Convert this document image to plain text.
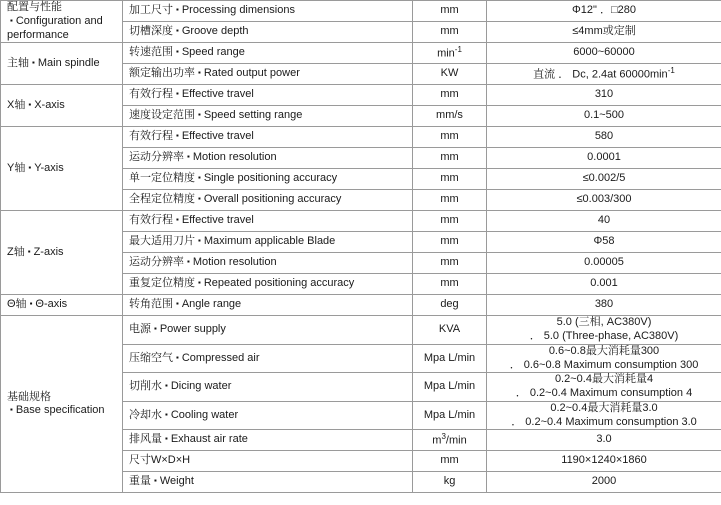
配置与性能
▪ Configuration and performance	加工尺寸 ▪ Processing dimensions	mm	Φ12" ．□280
	切槽深度 ▪ Groove depth	mm	≤4mm或定制

主轴 ▪ Main spindle	转速范围 ▪ Speed range	$\min^{-1}$	6000~60000
	额定输出功率 ▪ Rated output power	KW	直流 ． Dc, 2.4at $60000\min^{-1}$

X轴 ▪ X-axis	有效行程 ▪ Effective travel	mm	310
	速度设定范围 ▪ Speed setting range	mm/s	0.1~500

Y轴 ▪ Y-axis	有效行程 ▪ Effective travel	mm	580
	运动分辨率 ▪ Motion resolution	mm	0.0001
	单一定位精度 ▪ Single positioning accuracy	mm	≤0.002/5
	全程定位精度 ▪ Overall positioning accuracy	mm	≤0.003/300

Z轴 ▪ Z-axis	有效行程 ▪ Effective travel	mm	40
	最大适用刀片 ▪ Maximum applicable Blade	mm	Φ58
	运动分辨率 ▪ Motion resolution	mm	0.00005
	重复定位精度 ▪ Repeated positioning accuracy	mm	0.001

Θ轴 ▪ Θ-axis	转角范围 ▪ Angle range	deg	380

基础规格
▪ Base specification	电源 ▪ Power supply	KVA	5.0 (三相, AC380V)
． 5.0 (Three-phase, AC380V)

	压缩空气 ▪ Compressed air	Mpa L/min	0.6~0.8最大消耗量300
． 0.6~0.8 Maximum consumption 300

	切削水 ▪ Dicing water	Mpa L/min	0.2~0.4最大消耗量4
． 0.2~0.4 Maximum consumption 4

	冷却水 ▪ Cooling water	Mpa L/min	0.2~0.4最大消耗量3.0
． 0.2~0.4 Maximum consumption 3.0

	排风量 ▪ Exhaust air rate	$m^3/\min$	3.0
	尺寸W×D×H	mm	1190×1240×1860
	重量 ▪ Weight	kg	2000
